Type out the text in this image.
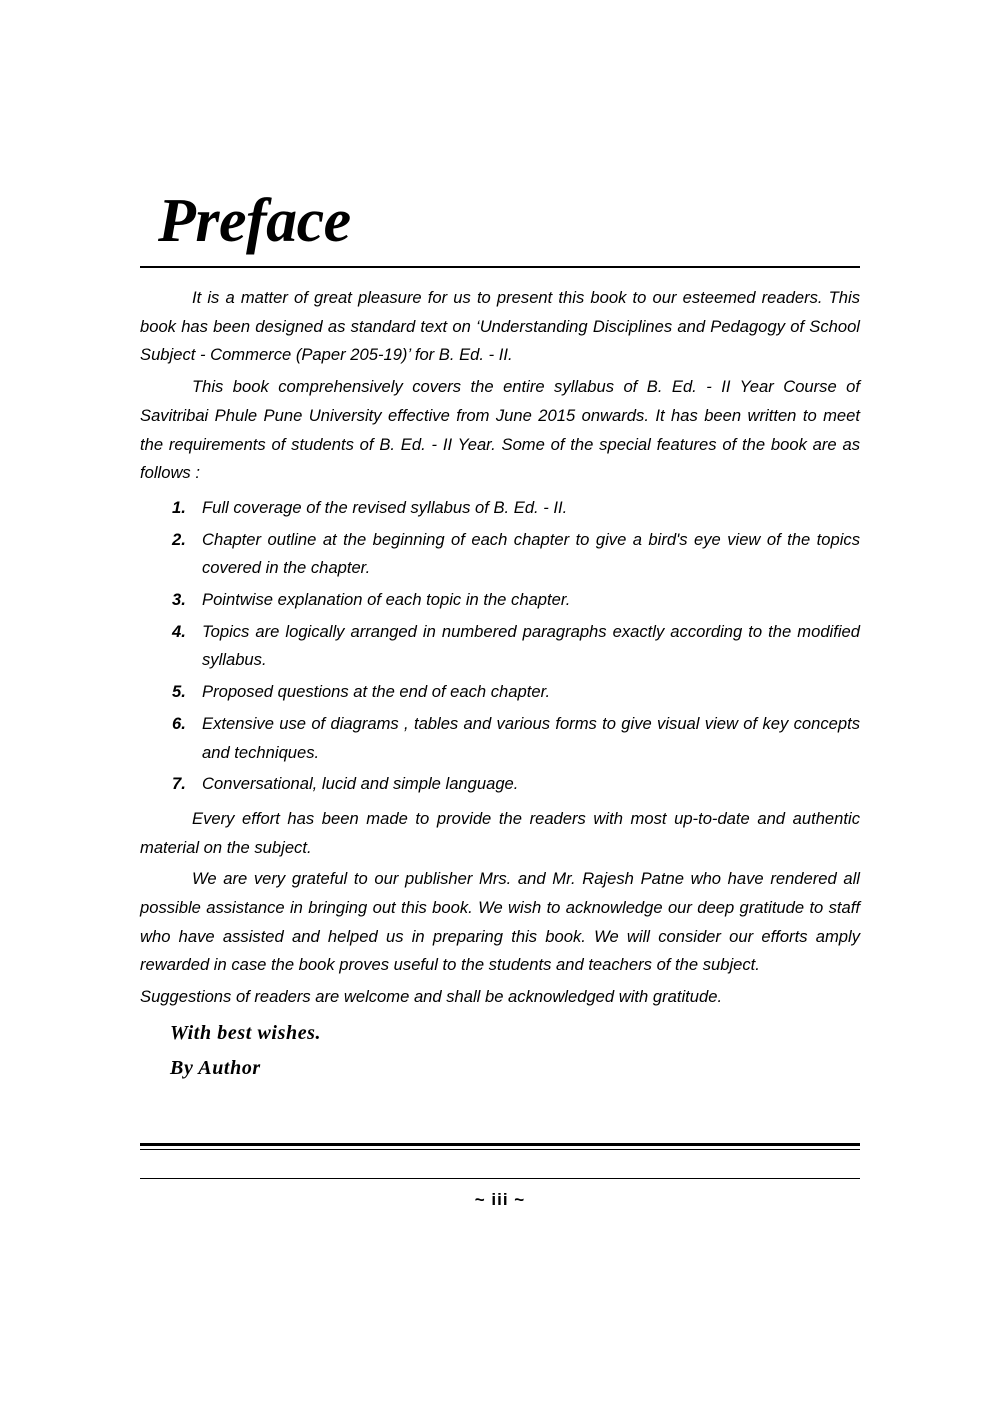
Preface

It is a matter of great pleasure for us to present this book to our esteemed readers. This book has been designed as standard text on ‘Understanding Disciplines and Pedagogy of School Subject - Commerce (Paper 205-19)’ for B. Ed. - II.

This book comprehensively covers the entire syllabus of B. Ed. - II Year Course of Savitribai Phule Pune University effective from June 2015 onwards. It has been written to meet the requirements of students of B. Ed. - II Year. Some of the special features of the book are as follows :

1. Full coverage of the revised syllabus of B. Ed. - II.
2. Chapter outline at the beginning of each chapter to give a bird's eye view of the topics covered in the chapter.
3. Pointwise explanation of each topic in the chapter.
4. Topics are logically arranged in numbered paragraphs exactly according to the modified syllabus.
5. Proposed questions at the end of each chapter.
6. Extensive use of diagrams , tables and various forms to give visual view of key concepts and techniques.
7. Conversational, lucid and simple language.

Every effort has been made to provide the readers with most up-to-date and authentic material on the subject.

We are very grateful to our publisher Mrs. and Mr. Rajesh Patne who have rendered all possible assistance in bringing out this book. We wish to acknowledge our deep gratitude to staff who have assisted and helped us in preparing this book. We will consider our efforts amply rewarded in case the book proves useful to the students and teachers of the subject.

Suggestions of readers are welcome and shall be acknowledged with gratitude.

With best wishes.
By Author
~ iii ~
